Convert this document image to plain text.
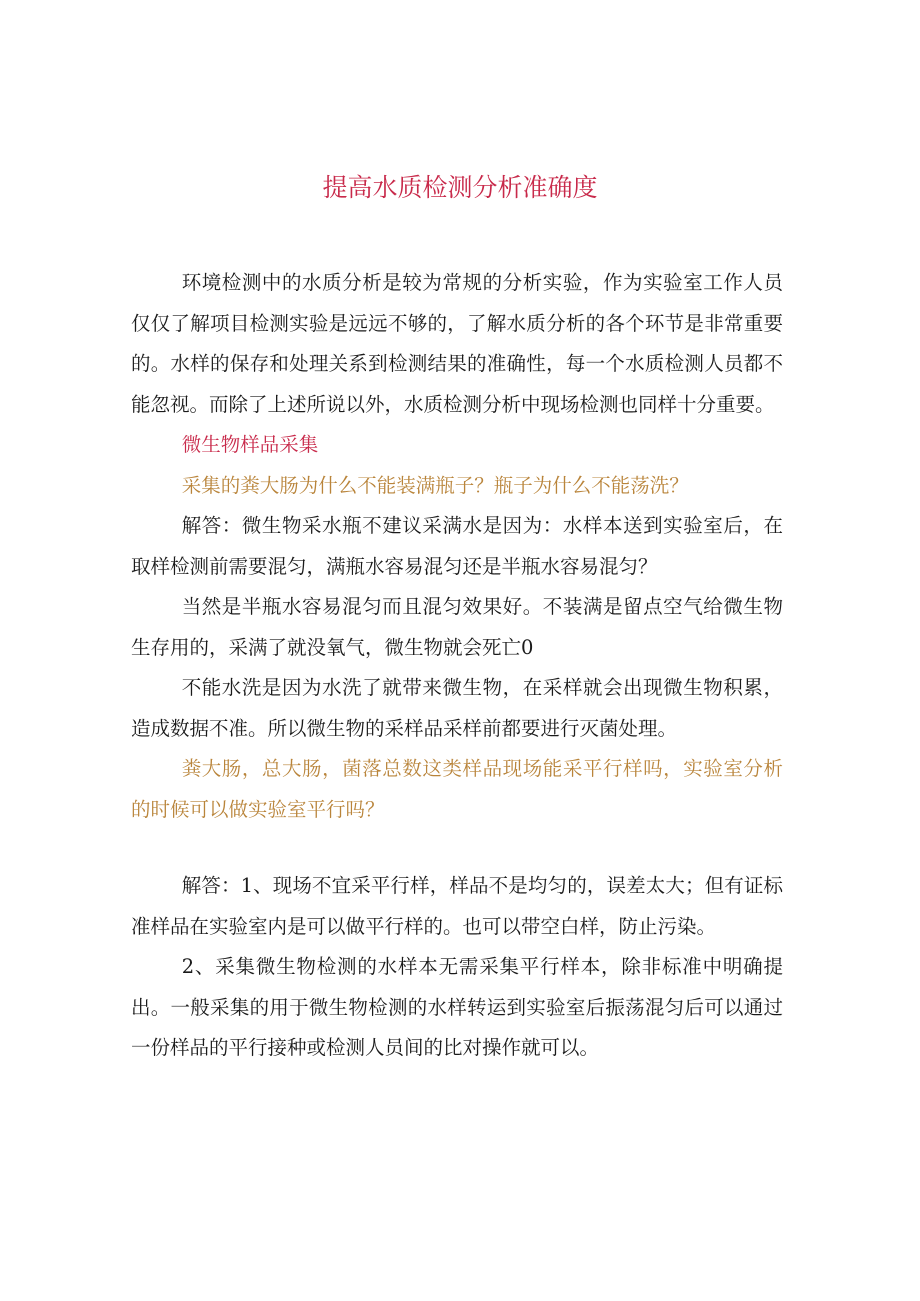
提高水质检测分析准确度

环境检测中的水质分析是较为常规的分析实验，作为实验室工作人员仅仅了解项目检测实验是远远不够的，了解水质分析的各个环节是非常重要的。水样的保存和处理关系到检测结果的准确性，每一个水质检测人员都不能忽视。而除了上述所说以外，水质检测分析中现场检测也同样十分重要。

微生物样品采集

采集的粪大肠为什么不能装满瓶子？瓶子为什么不能荡洗？

解答：微生物采水瓶不建议采满水是因为：水样本送到实验室后，在取样检测前需要混匀，满瓶水容易混匀还是半瓶水容易混匀？

当然是半瓶水容易混匀而且混匀效果好。不装满是留点空气给微生物生存用的，采满了就没氧气，微生物就会死亡0

不能水洗是因为水洗了就带来微生物，在采样就会出现微生物积累，造成数据不准。所以微生物的采样品采样前都要进行灭菌处理。

粪大肠，总大肠，菌落总数这类样品现场能采平行样吗，实验室分析的时候可以做实验室平行吗？

解答：1、现场不宜采平行样，样品不是均匀的，误差太大；但有证标准样品在实验室内是可以做平行样的。也可以带空白样，防止污染。

2、采集微生物检测的水样本无需采集平行样本，除非标准中明确提出。一般采集的用于微生物检测的水样转运到实验室后振荡混匀后可以通过一份样品的平行接种或检测人员间的比对操作就可以。
